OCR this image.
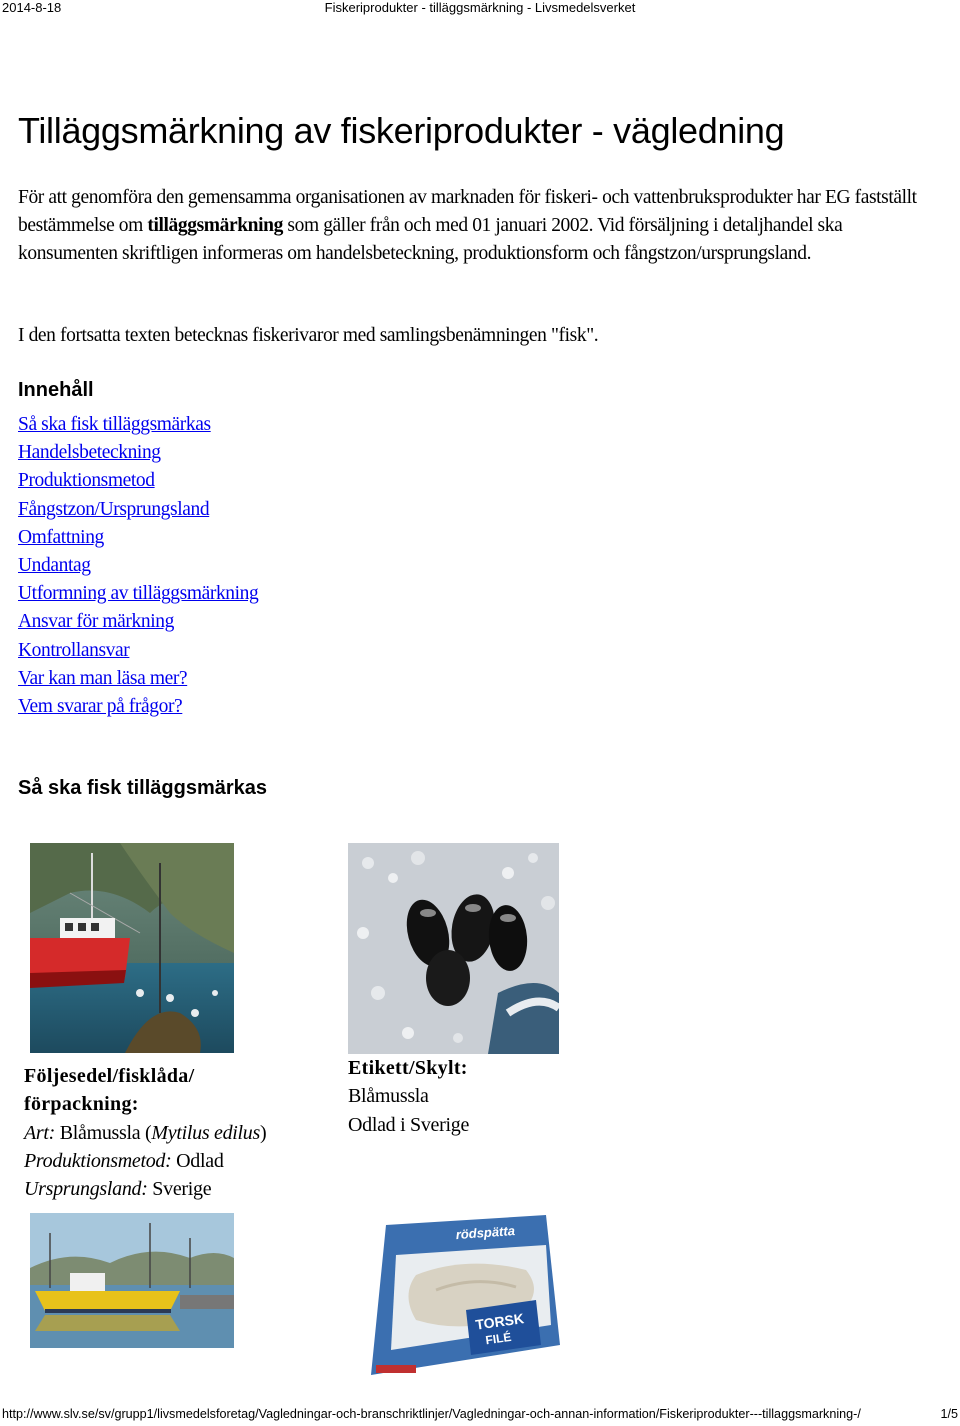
2014-8-18	Fiskeriprodukter - tilläggsmärkning - Livsmedelsverket
Tilläggsmärkning av fiskeriprodukter - vägledning

För att genomföra den gemensamma organisationen av marknaden för fiskeri- och vattenbruksprodukter har EG fastställt bestämmelse om tilläggsmärkning som gäller från och med 01 januari 2002. Vid försäljning i detaljhandel ska konsumenten skriftligen informeras om handelsbeteckning, produktionsform och fångstzon/ursprungsland.

I den fortsatta texten betecknas fiskerivaror med samlingsbenämningen "fisk".

Innehåll
Så ska fisk tilläggsmärkas
Handelsbeteckning
Produktionsmetod
Fångstzon/Ursprungsland
Omfattning
Undantag
Utformning av tilläggsmärkning
Ansvar för märkning
Kontrollansvar
Var kan man läsa mer?
Vem svarar på frågor?
Så ska fisk tilläggsmärkas
Följesedel/fisklåda/
förpackning:
Art: Blåmussla (Mytilus edilus)
Produktionsmetod: Odlad
Ursprungsland: Sverige
Etikett/Skylt:
Blåmussla
Odlad i Sverige
TORSK
FILÉ
rödspätta
http://www.slv.se/sv/grupp1/livsmedelsforetag/Vagledningar-och-branschriktlinjer/Vagledningar-och-annan-information/Fiskeriprodukter---tillaggsmarkning-/	1/5
